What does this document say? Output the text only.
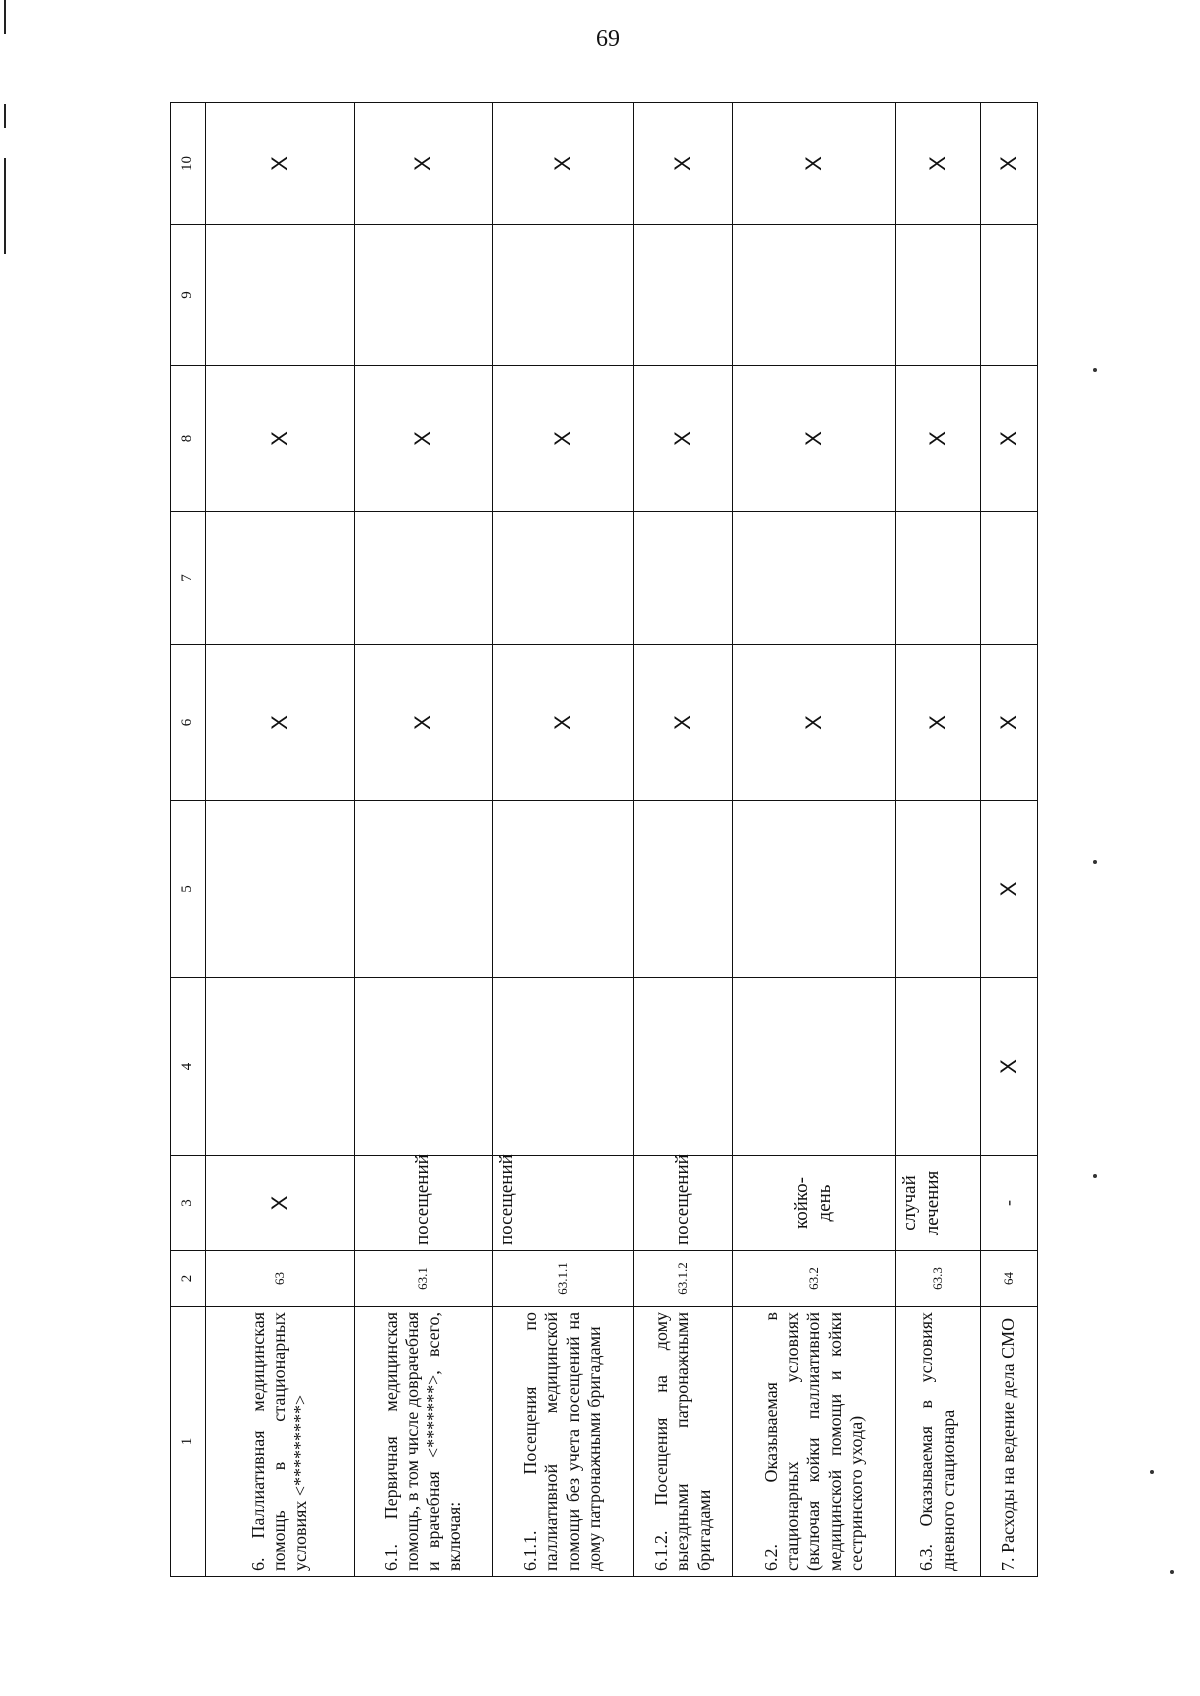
69
1	2	3	4	5	6	7	8	9	10
6. Паллиативная медицинская помощь в стационарных условиях <*********>	63	X			X		X		X
6.1. Первичная медицинская помощь, в том числе доврачебная и врачебная <*******>, всего, включая:	63.1	посещений			X		X		X
6.1.1. Посещения по паллиативной медицинской помощи без учета посещений на дому патронажными бригадами	63.1.1	посещений			X		X		X
6.1.2. Посещения на дому выездными патронажными бригадами	63.1.2	посещений			X		X		X
6.2. Оказываемая в стационарных условиях (включая койки паллиативной медицинской помощи и койки сестринского ухода)	63.2	койко-день			X		X		X
6.3. Оказываемая в условиях дневного стационара	63.3	случай лечения			X		X		X
7. Расходы на ведение дела СМО	64	-	X	X	X		X		X
